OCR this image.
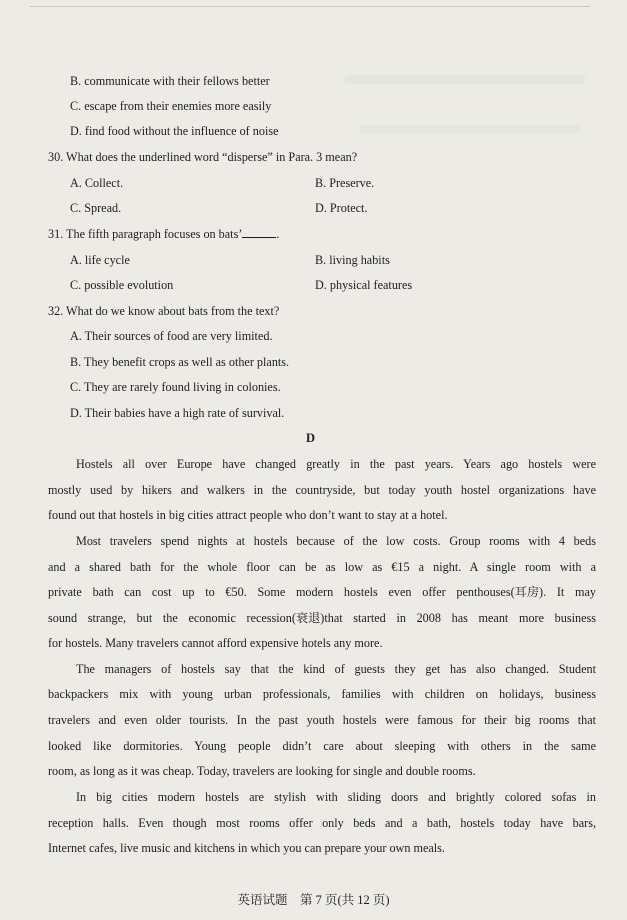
B. communicate with their fellows better
C. escape from their enemies more easily
D. find food without the influence of noise
30. What does the underlined word “disperse” in Para. 3 mean?
A. Collect.	B. Preserve.
C. Spread.	D. Protect.
31. The fifth paragraph focuses on bats’	.
A. life cycle	B. living habits
C. possible evolution	D. physical features
32. What do we know about bats from the text?
A. Their sources of food are very limited.
B. They benefit crops as well as other plants.
C. They are rarely found living in colonies.
D. Their babies have a high rate of survival.
D
Hostels all over Europe have changed greatly in the past years. Years ago hostels were
mostly used by hikers and walkers in the countryside, but today youth hostel organizations have
found out that hostels in big cities attract people who don’t want to stay at a hotel.
Most travelers spend nights at hostels because of the low costs. Group rooms with 4 beds
and a shared bath for the whole floor can be as low as €15 a night. A single room with a
private bath can cost up to €50. Some modern hostels even offer penthouses(耳房). It may
sound strange, but the economic recession(衰退)that started in 2008 has meant more business
for hostels. Many travelers cannot afford expensive hotels any more.
The managers of hostels say that the kind of guests they get has also changed. Student
backpackers mix with young urban professionals, families with children on holidays, business
travelers and even older tourists. In the past youth hostels were famous for their big rooms that
looked like dormitories. Young people didn’t care about sleeping with others in the same
room, as long as it was cheap. Today, travelers are looking for single and double rooms.
In big cities modern hostels are stylish with sliding doors and brightly colored sofas in
reception halls. Even though most rooms offer only beds and a bath, hostels today have bars,
Internet cafes, live music and kitchens in which you can prepare your own meals.
英语试题　第 7 页(共 12 页)
